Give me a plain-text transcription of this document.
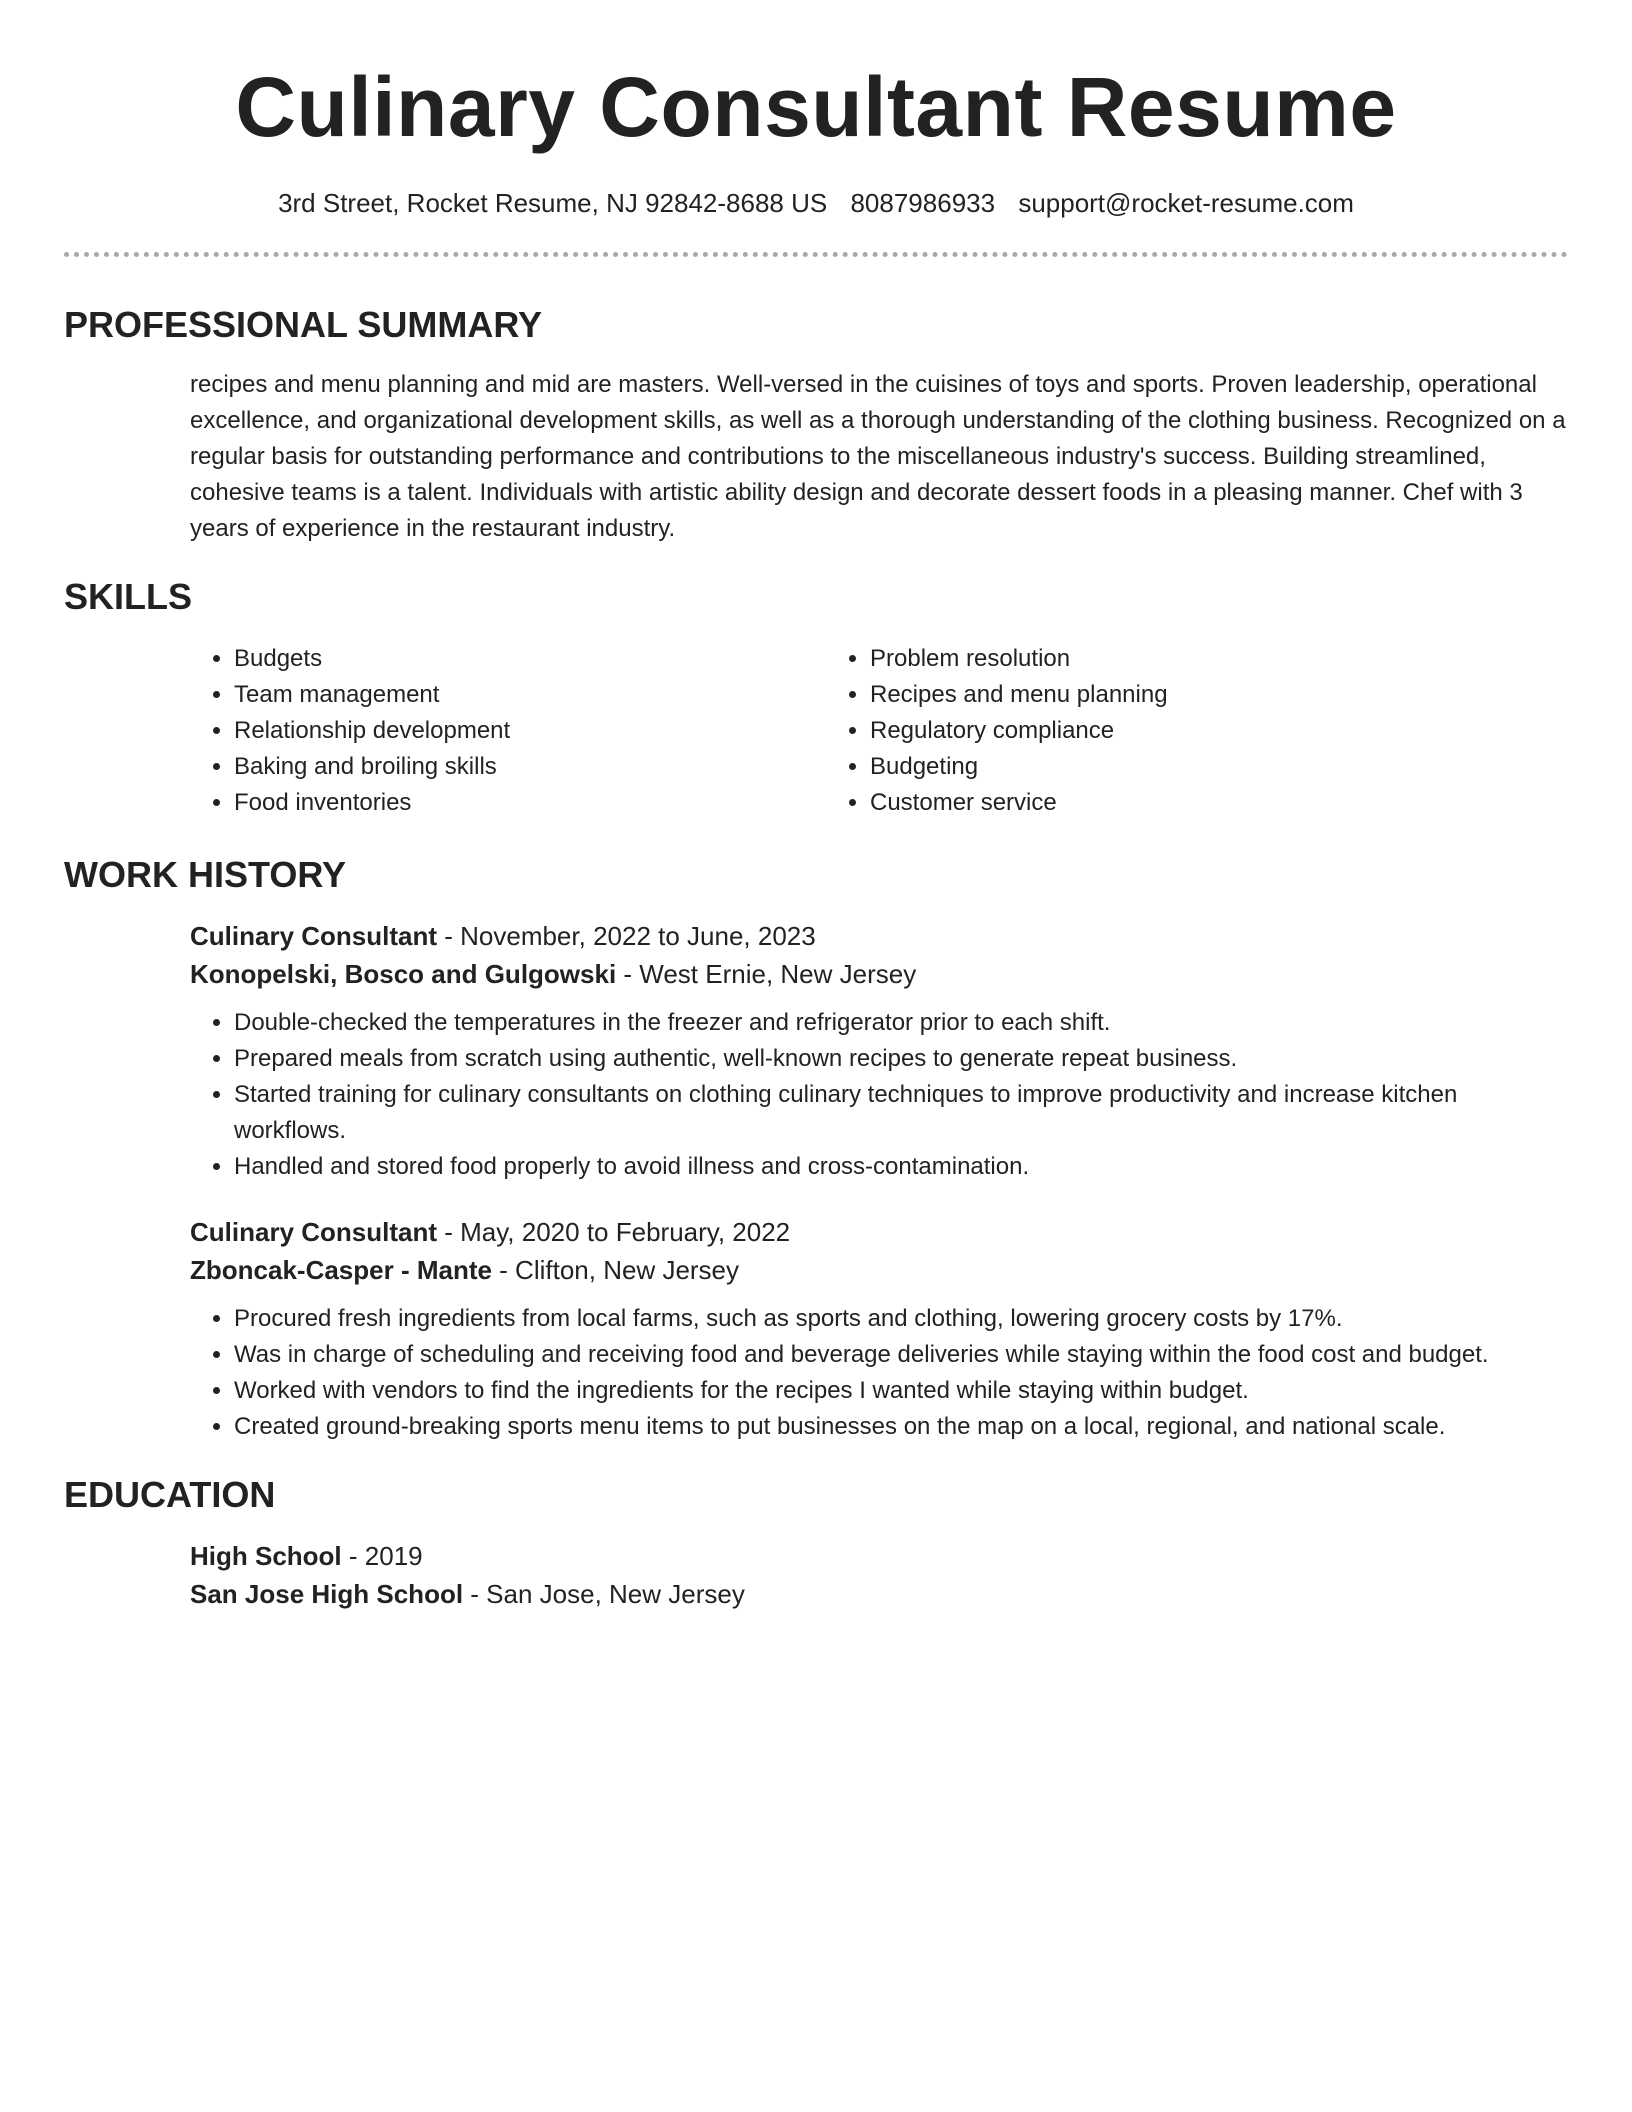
Culinary Consultant Resume
3rd Street, Rocket Resume, NJ 92842-8688 US 8087986933 support@rocket-resume.com
PROFESSIONAL SUMMARY

recipes and menu planning and mid are masters. Well-versed in the cuisines of toys and sports. Proven leadership, operational excellence, and organizational development skills, as well as a thorough understanding of the clothing business. Recognized on a regular basis for outstanding performance and contributions to the miscellaneous industry's success. Building streamlined, cohesive teams is a talent. Individuals with artistic ability design and decorate dessert foods in a pleasing manner. Chef with 3 years of experience in the restaurant industry.

SKILLS
• Budgets
• Team management
• Relationship development
• Baking and broiling skills
• Food inventories
• Problem resolution
• Recipes and menu planning
• Regulatory compliance
• Budgeting
• Customer service
WORK HISTORY
Culinary Consultant - November, 2022 to June, 2023
Konopelski, Bosco and Gulgowski - West Ernie, New Jersey
• Double-checked the temperatures in the freezer and refrigerator prior to each shift.
• Prepared meals from scratch using authentic, well-known recipes to generate repeat business.
• Started training for culinary consultants on clothing culinary techniques to improve productivity and increase kitchen workflows.
• Handled and stored food properly to avoid illness and cross-contamination.
Culinary Consultant - May, 2020 to February, 2022
Zboncak-Casper - Mante - Clifton, New Jersey
• Procured fresh ingredients from local farms, such as sports and clothing, lowering grocery costs by 17%.
• Was in charge of scheduling and receiving food and beverage deliveries while staying within the food cost and budget.
• Worked with vendors to find the ingredients for the recipes I wanted while staying within budget.
• Created ground-breaking sports menu items to put businesses on the map on a local, regional, and national scale.
EDUCATION
High School - 2019
San Jose High School - San Jose, New Jersey
